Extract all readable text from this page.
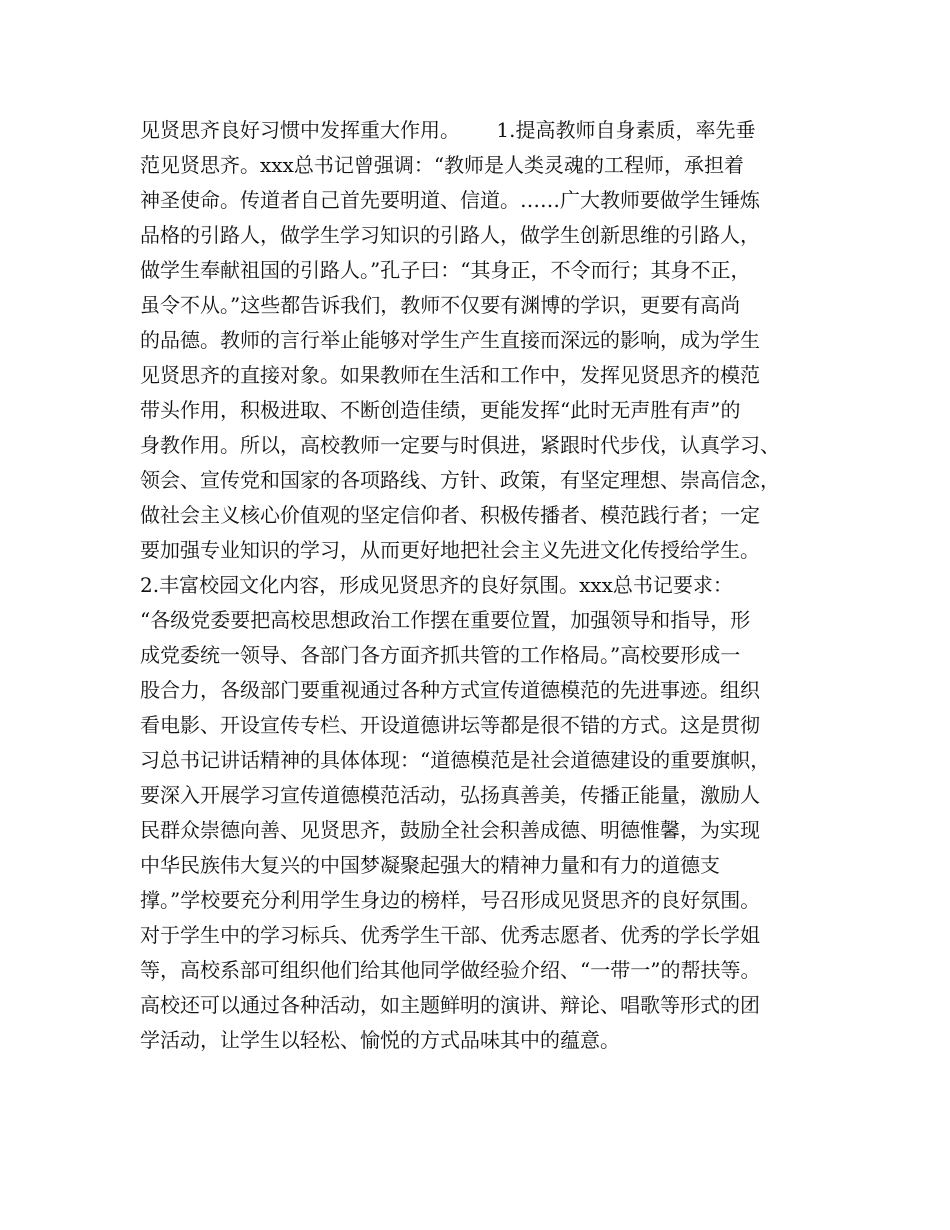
见贤思齐良好习惯中发挥重大作用。　　 1.提高教师自身素质，率先垂
范见贤思齐。xxx总书记曾强调：“教师是人类灵魂的工程师，承担着
神圣使命。传道者自己首先要明道、信道。……广大教师要做学生锤炼
品格的引路人，做学生学习知识的引路人，做学生创新思维的引路人，
做学生奉献祖国的引路人。”孔子曰：“其身正，不令而行；其身不正，
虽令不从。”这些都告诉我们，教师不仅要有渊博的学识，更要有高尚
的品德。教师的言行举止能够对学生产生直接而深远的影响，成为学生
见贤思齐的直接对象。如果教师在生活和工作中，发挥见贤思齐的模范
带头作用，积极进取、不断创造佳绩，更能发挥“此时无声胜有声”的
身教作用。所以，高校教师一定要与时俱进，紧跟时代步伐，认真学习、
领会、宣传党和国家的各项路线、方针、政策，有坚定理想、崇高信念，
做社会主义核心价值观的坚定信仰者、积极传播者、模范践行者；一定
要加强专业知识的学习，从而更好地把社会主义先进文化传授给学生。
2.丰富校园文化内容，形成见贤思齐的良好氛围。xxx总书记要求：
“各级党委要把高校思想政治工作摆在重要位置，加强领导和指导，形
成党委统一领导、各部门各方面齐抓共管的工作格局。”高校要形成一
股合力，各级部门要重视通过各种方式宣传道德模范的先进事迹。组织
看电影、开设宣传专栏、开设道德讲坛等都是很不错的方式。这是贯彻
习总书记讲话精神的具体体现：“道德模范是社会道德建设的重要旗帜，
要深入开展学习宣传道德模范活动，弘扬真善美，传播正能量，激励人
民群众崇德向善、见贤思齐，鼓励全社会积善成德、明德惟馨，为实现
中华民族伟大复兴的中国梦凝聚起强大的精神力量和有力的道德支
撑。”学校要充分利用学生身边的榜样，号召形成见贤思齐的良好氛围。
对于学生中的学习标兵、优秀学生干部、优秀志愿者、优秀的学长学姐
等，高校系部可组织他们给其他同学做经验介绍、“一带一”的帮扶等。
高校还可以通过各种活动，如主题鲜明的演讲、辩论、唱歌等形式的团
学活动，让学生以轻松、愉悦的方式品味其中的蕴意。
